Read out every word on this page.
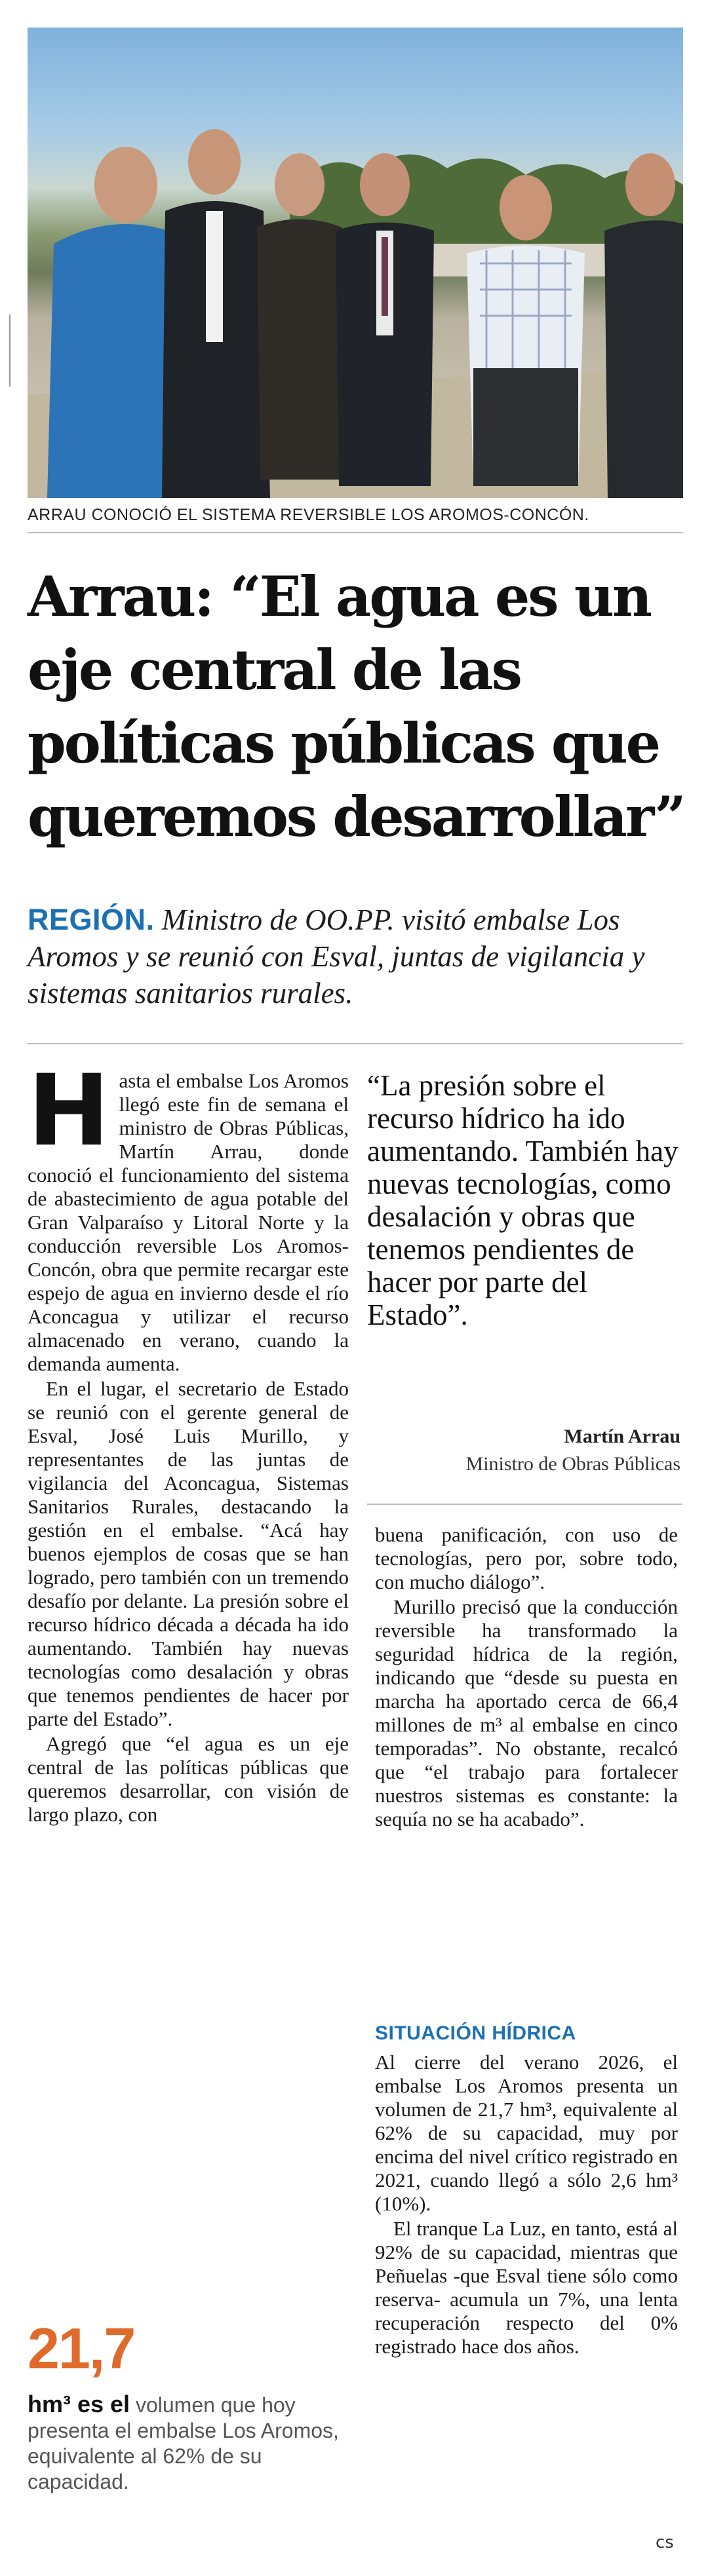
ARRAU CONOCIÓ EL SISTEMA REVERSIBLE LOS AROMOS-CONCÓN.
Arrau: “El agua es un eje central de las políticas públicas que queremos desarrollar”

REGIÓN. Ministro de OO.PP. visitó embalse Los Aromos y se reunió con Esval, juntas de vigilancia y sistemas sanitarios rurales.

Hasta el embalse Los Aromos llegó este fin de semana el ministro de Obras Públicas, Martín Arrau, donde conoció el funcionamiento del sistema de abastecimiento de agua potable del Gran Valparaíso y Litoral Norte y la conducción reversible Los Aromos-Concón, obra que permite recargar este espejo de agua en invierno desde el río Aconcagua y utilizar el recurso almacenado en verano, cuando la demanda aumenta.

En el lugar, el secretario de Estado se reunió con el gerente general de Esval, José Luis Murillo, y representantes de las juntas de vigilancia del Aconcagua, Sistemas Sanitarios Rurales, destacando la gestión en el embalse. “Acá hay buenos ejemplos de cosas que se han logrado, pero también con un tremendo desafío por delante. La presión sobre el recurso hídrico década a década ha ido aumentando. También hay nuevas tecnologías como desalación y obras que tenemos pendientes de hacer por parte del Estado”.

Agregó que “el agua es un eje central de las políticas públicas que queremos desarrollar, con visión de largo plazo, con

“La presión sobre el recurso hídrico ha ido aumentando. También hay nuevas tecnologías, como desalación y obras que tenemos pendientes de hacer por parte del Estado”.

Martín Arrau
Ministro de Obras Públicas

buena panificación, con uso de tecnologías, pero por, sobre todo, con mucho diálogo”.

Murillo precisó que la conducción reversible ha transformado la seguridad hídrica de la región, indicando que “desde su puesta en marcha ha aportado cerca de 66,4 millones de m³ al embalse en cinco temporadas”. No obstante, recalcó que “el trabajo para fortalecer nuestros sistemas es constante: la sequía no se ha acabado”.

SITUACIÓN HÍDRICA

Al cierre del verano 2026, el embalse Los Aromos presenta un volumen de 21,7 hm³, equivalente al 62% de su capacidad, muy por encima del nivel crítico registrado en 2021, cuando llegó a sólo 2,6 hm³ (10%).

El tranque La Luz, en tanto, está al 92% de su capacidad, mientras que Peñuelas -que Esval tiene sólo como reserva- acumula un 7%, una lenta recuperación respecto del 0% registrado hace dos años.

21,7
hm³ es el volumen que hoy presenta el embalse Los Aromos, equivalente al 62% de su capacidad.
cs
